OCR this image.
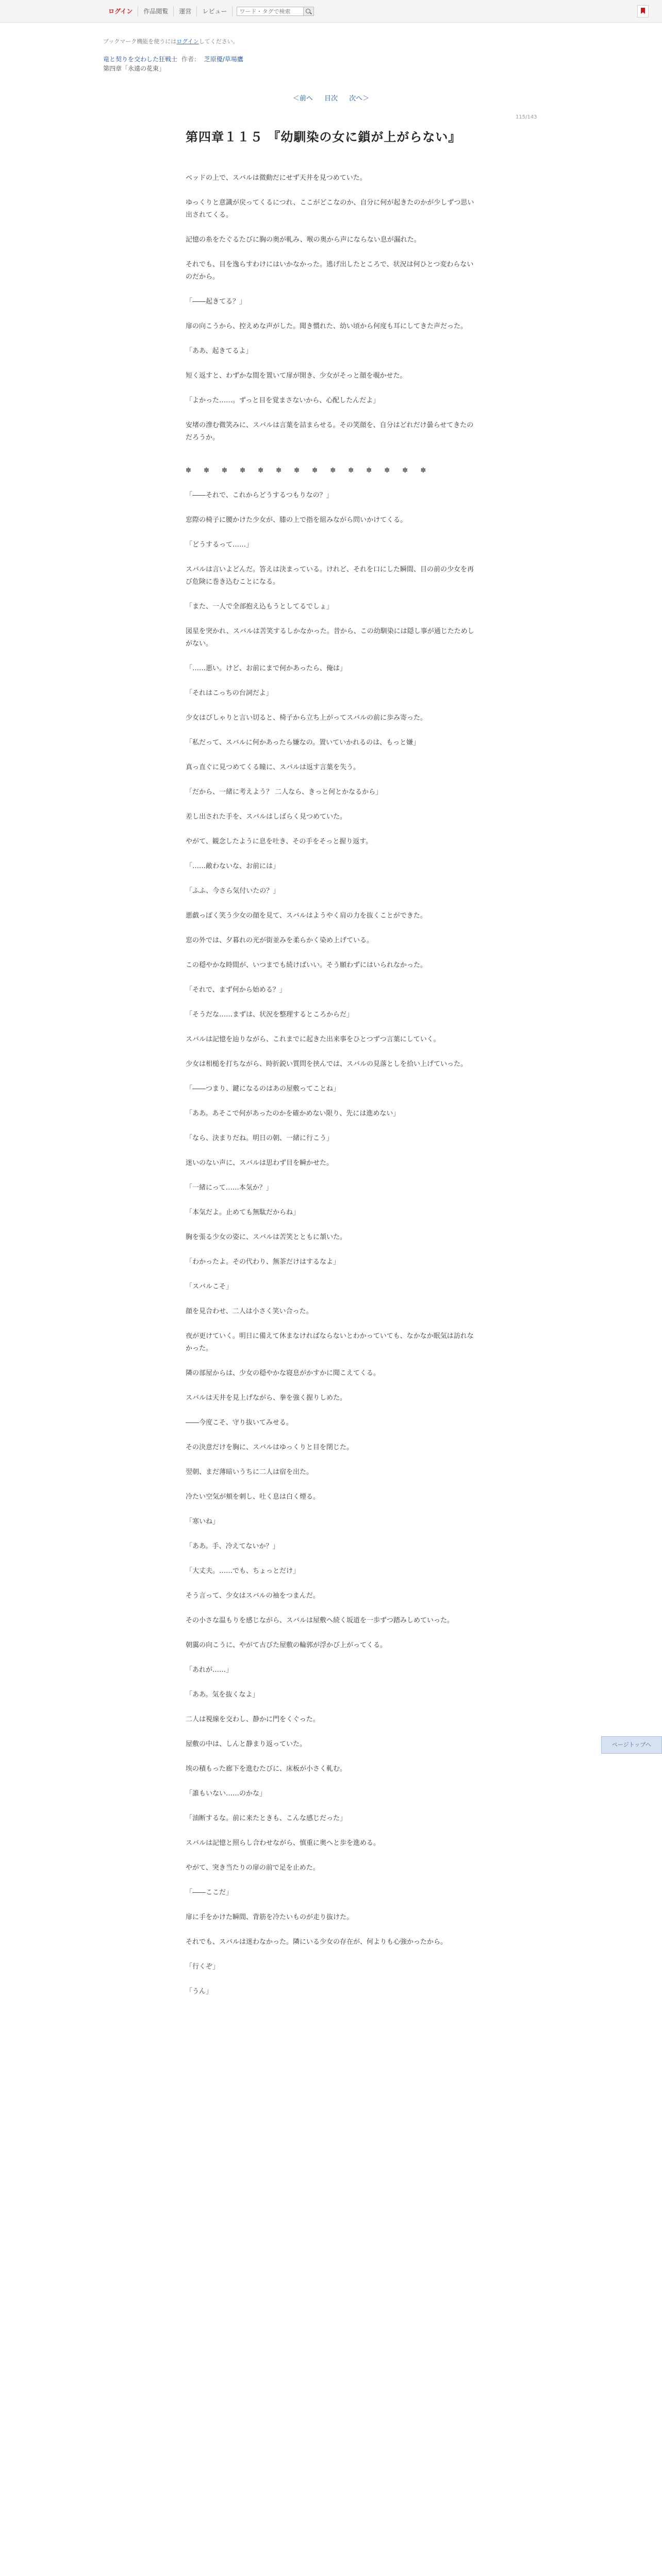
ログイン	作品閲覧	運営	レビュー
ワード・タグで検索
ブックマーク機能を使うにはログインしてください。
竜と契りを交わした狂戦士 作者： 芝原優/草場鷹
第四章「永遠の花束」
＜前へ 目次 次へ＞
115/143
第四章１１５ 『幼馴染の女に鎖が上がらない』

ベッドの上で、スバルは微動だにせず天井を見つめていた。

ゆっくりと意識が戻ってくるにつれ、ここがどこなのか、自分に何が起きたのかが少しずつ思い出されてくる。

記憶の糸をたぐるたびに胸の奥が軋み、喉の奥から声にならない息が漏れた。

それでも、目を逸らすわけにはいかなかった。逃げ出したところで、状況は何ひとつ変わらないのだから。

「――起きてる？」

扉の向こうから、控えめな声がした。聞き慣れた、幼い頃から何度も耳にしてきた声だった。

「ああ、起きてるよ」

短く返すと、わずかな間を置いて扉が開き、少女がそっと顔を覗かせた。

「よかった……。ずっと目を覚まさないから、心配したんだよ」

安堵の滲む微笑みに、スバルは言葉を詰まらせる。その笑顔を、自分はどれだけ曇らせてきたのだろうか。

✽ ✽ ✽ ✽ ✽ ✽ ✽ ✽ ✽ ✽ ✽ ✽ ✽ ✽

「――それで、これからどうするつもりなの？」

窓際の椅子に腰かけた少女が、膝の上で指を組みながら問いかけてくる。

「どうするって……」

スバルは言いよどんだ。答えは決まっている。けれど、それを口にした瞬間、目の前の少女を再び危険に巻き込むことになる。

「また、一人で全部抱え込もうとしてるでしょ」

図星を突かれ、スバルは苦笑するしかなかった。昔から、この幼馴染には隠し事が通じたためしがない。

「……悪い。けど、お前にまで何かあったら、俺は」

「それはこっちの台詞だよ」

少女はぴしゃりと言い切ると、椅子から立ち上がってスバルの前に歩み寄った。

「私だって、スバルに何かあったら嫌なの。置いていかれるのは、もっと嫌」

真っ直ぐに見つめてくる瞳に、スバルは返す言葉を失う。

「だから、一緒に考えよう？ 二人なら、きっと何とかなるから」

差し出された手を、スバルはしばらく見つめていた。

やがて、観念したように息を吐き、その手をそっと握り返す。

「……敵わないな、お前には」

「ふふ、今さら気付いたの？」

悪戯っぽく笑う少女の顔を見て、スバルはようやく肩の力を抜くことができた。

窓の外では、夕暮れの光が街並みを柔らかく染め上げている。

この穏やかな時間が、いつまでも続けばいい。そう願わずにはいられなかった。

「それで、まず何から始める？」

「そうだな……まずは、状況を整理するところからだ」

スバルは記憶を辿りながら、これまでに起きた出来事をひとつずつ言葉にしていく。

少女は相槌を打ちながら、時折鋭い質問を挟んでは、スバルの見落としを拾い上げていった。

「――つまり、鍵になるのはあの屋敷ってことね」

「ああ。あそこで何があったのかを確かめない限り、先には進めない」

「なら、決まりだね。明日の朝、一緒に行こう」

迷いのない声に、スバルは思わず目を瞬かせた。

「一緒にって……本気か？」

「本気だよ。止めても無駄だからね」

胸を張る少女の姿に、スバルは苦笑とともに頷いた。

「わかったよ。その代わり、無茶だけはするなよ」

「スバルこそ」

顔を見合わせ、二人は小さく笑い合った。

夜が更けていく。明日に備えて休まなければならないとわかっていても、なかなか眠気は訪れなかった。

隣の部屋からは、少女の穏やかな寝息がかすかに聞こえてくる。

スバルは天井を見上げながら、拳を強く握りしめた。

――今度こそ、守り抜いてみせる。

その決意だけを胸に、スバルはゆっくりと目を閉じた。

翌朝、まだ薄暗いうちに二人は宿を出た。

冷たい空気が頬を刺し、吐く息は白く煙る。

「寒いね」

「ああ。手、冷えてないか？」

「大丈夫。……でも、ちょっとだけ」

そう言って、少女はスバルの袖をつまんだ。

その小さな温もりを感じながら、スバルは屋敷へ続く坂道を一歩ずつ踏みしめていった。

朝靄の向こうに、やがて古びた屋敷の輪郭が浮かび上がってくる。

「あれが……」

「ああ。気を抜くなよ」

二人は視線を交わし、静かに門をくぐった。

屋敷の中は、しんと静まり返っていた。

埃の積もった廊下を進むたびに、床板が小さく軋む。

「誰もいない……のかな」

「油断するな。前に来たときも、こんな感じだった」

スバルは記憶と照らし合わせながら、慎重に奥へと歩を進める。

やがて、突き当たりの扉の前で足を止めた。

「――ここだ」

扉に手をかけた瞬間、背筋を冷たいものが走り抜けた。

それでも、スバルは迷わなかった。隣にいる少女の存在が、何よりも心強かったから。

「行くぞ」

「うん」

ページトップへ
